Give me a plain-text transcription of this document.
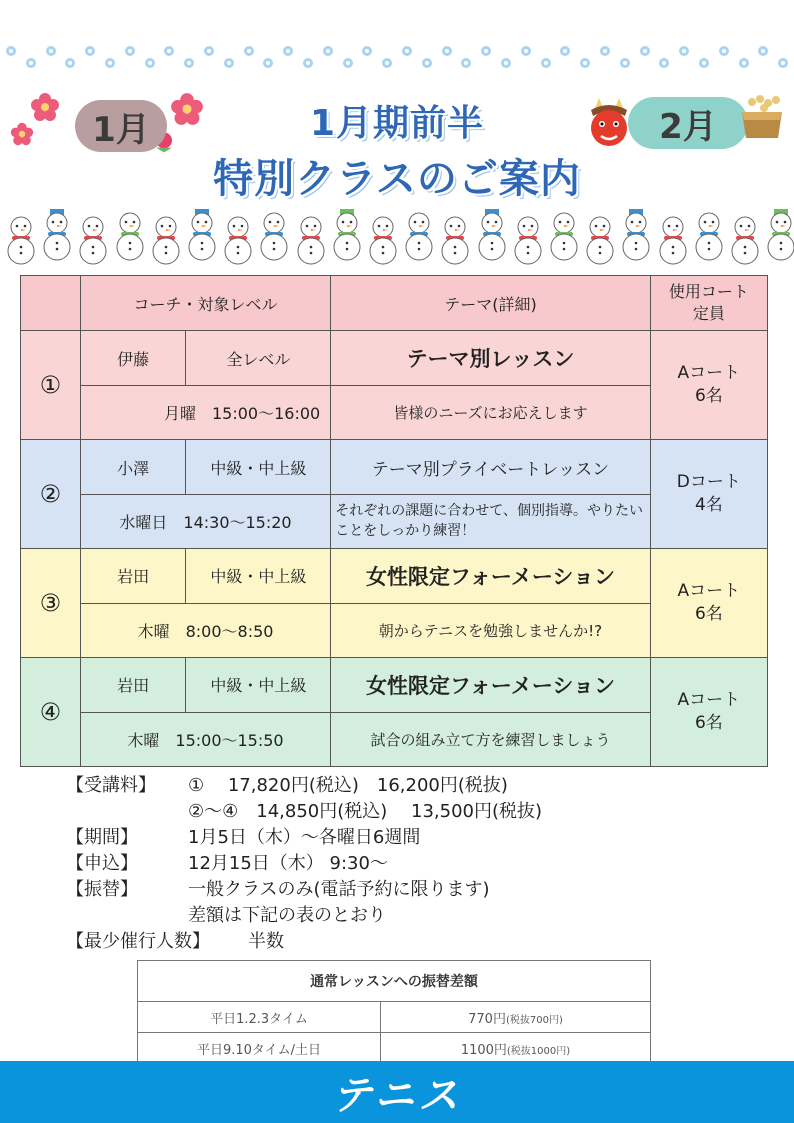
1月	2月
1月期前半
特別クラスのご案内
	コーチ・対象レベル		テーマ(詳細)	使用コート
定員
①	伊藤	全レベル	テーマ別レッスン	Aコート
6名

	月曜　15:00～16:00		皆様のニーズにお応えします	
②	小澤	中級・中上級	テーマ別プライベートレッスン	Dコート
4名

	水曜日　14:30～15:20		それぞれの課題に合わせて、個別指導。やりたいことをしっかり練習！	
③	岩田	中級・中上級	女性限定フォーメーション	Aコート
6名

	木曜　8:00～8:50		朝からテニスを勉強しませんか!?	
④	岩田	中級・中上級	女性限定フォーメーション	Aコート
6名

	木曜　15:00～15:50		試合の組み立て方を練習しましょう	
【受講料】	①　 17,820円(税込)　16,200円(税抜)
②～④　14,850円(税込)　 13,500円(税抜)
【期間】	1月5日（木）～各曜日6週間
【申込】	12月15日（木） 9:30～
【振替】	一般クラスのみ(電話予約に限ります)
差額は下記の表のとおり
【最少催行人数】	半数
通常レッスンへの振替差額	
平日1.2.3タイム	770円(税抜700円)
平日9.10タイム/土日	1100円(税抜1000円)
テニス
